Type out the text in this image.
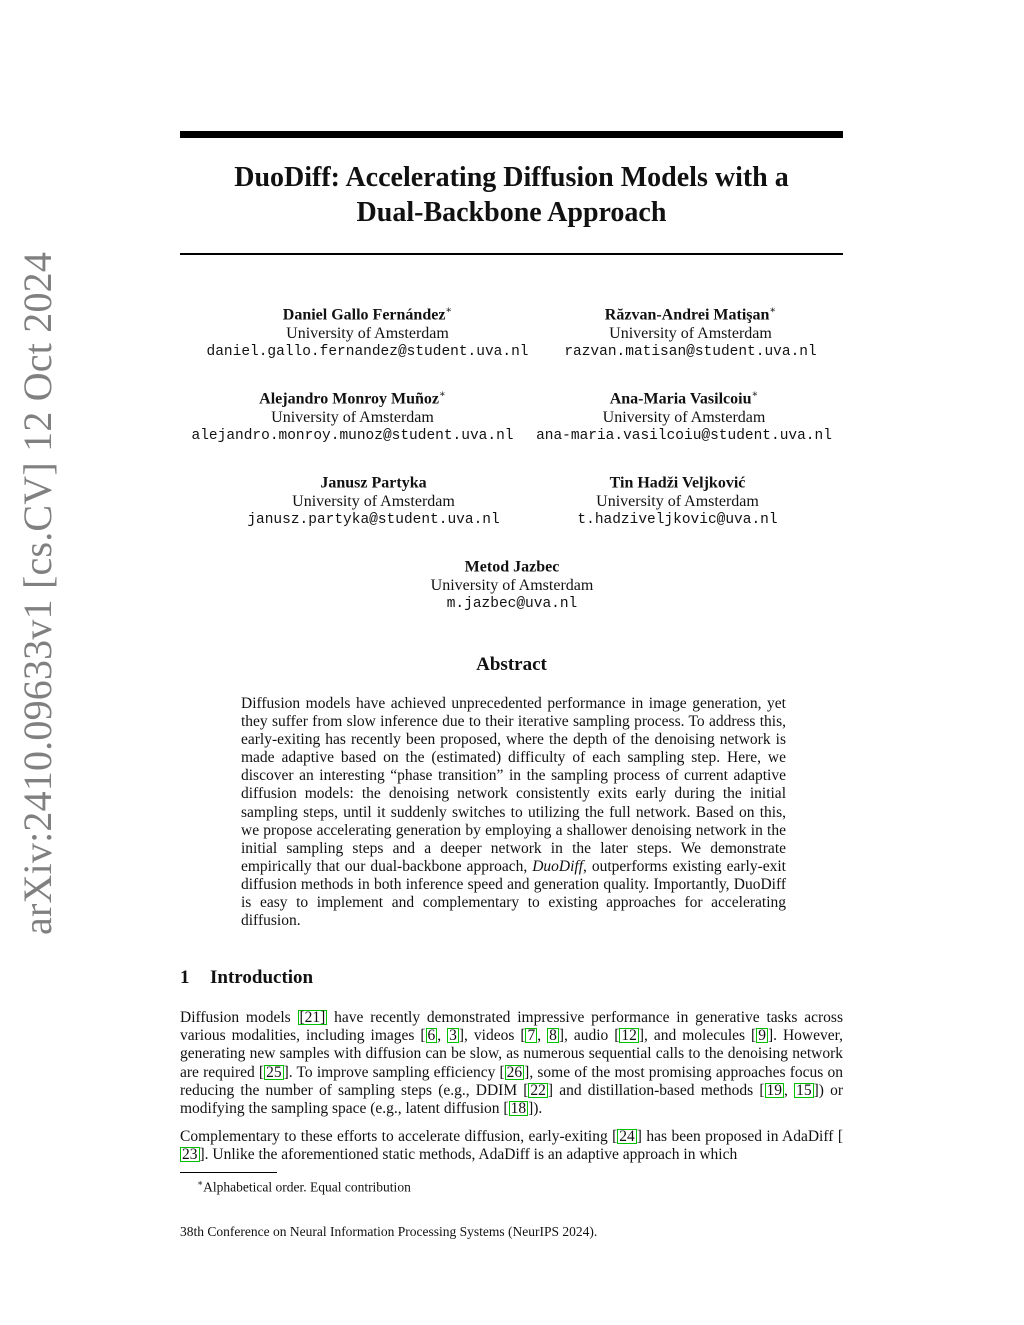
arXiv:2410.09633v1 [cs.CV] 12 Oct 2024
DuoDiff: Accelerating Diffusion Models with a
Dual-Backbone Approach
Daniel Gallo Fernández∗
University of Amsterdam
daniel.gallo.fernandez@student.uva.nl
Răzvan-Andrei Matişan∗
University of Amsterdam
razvan.matisan@student.uva.nl
Alejandro Monroy Muñoz∗
University of Amsterdam
alejandro.monroy.munoz@student.uva.nl
Ana-Maria Vasilcoiu∗
University of Amsterdam
ana-maria.vasilcoiu@student.uva.nl
Janusz Partyka
University of Amsterdam
janusz.partyka@student.uva.nl
Tin Hadži Veljković
University of Amsterdam
t.hadziveljkovic@uva.nl
Metod Jazbec
University of Amsterdam
m.jazbec@uva.nl
Abstract

Diffusion models have achieved unprecedented performance in image generation, yet they suffer from slow inference due to their iterative sampling process. To address this, early-exiting has recently been proposed, where the depth of the denoising network is made adaptive based on the (estimated) difficulty of each sampling step. Here, we discover an interesting “phase transition” in the sampling process of current adaptive diffusion models: the denoising network consistently exits early during the initial sampling steps, until it suddenly switches to utilizing the full network. Based on this, we propose accelerating generation by employing a shallower denoising network in the initial sampling steps and a deeper network in the later steps. We demonstrate empirically that our dual-backbone approach, DuoDiff, outperforms existing early-exit diffusion methods in both inference speed and generation quality. Importantly, DuoDiff is easy to implement and complementary to existing approaches for accelerating diffusion.

1 Introduction

Diffusion models [21] have recently demonstrated impressive performance in generative tasks across various modalities, including images [ 6 , 3 ], videos [ 7 , 8 ], audio [ 12 ], and molecules [ 9 ]. However, generating new samples with diffusion can be slow, as numerous sequential calls to the denoising network are required [ 25 ]. To improve sampling efficiency [ 26 ], some of the most promising approaches focus on reducing the number of sampling steps (e.g., DDIM [ 22 ] and distillation-based methods [ 19 , 15 ]) or modifying the sampling space (e.g., latent diffusion [ 18 ]).

Complementary to these efforts to accelerate diffusion, early-exiting [ 24 ] has been proposed in AdaDiff [23 ]. Unlike the aforementioned static methods, AdaDiff is an adaptive approach in which

∗Alphabetical order. Equal contribution

38th Conference on Neural Information Processing Systems (NeurIPS 2024).
